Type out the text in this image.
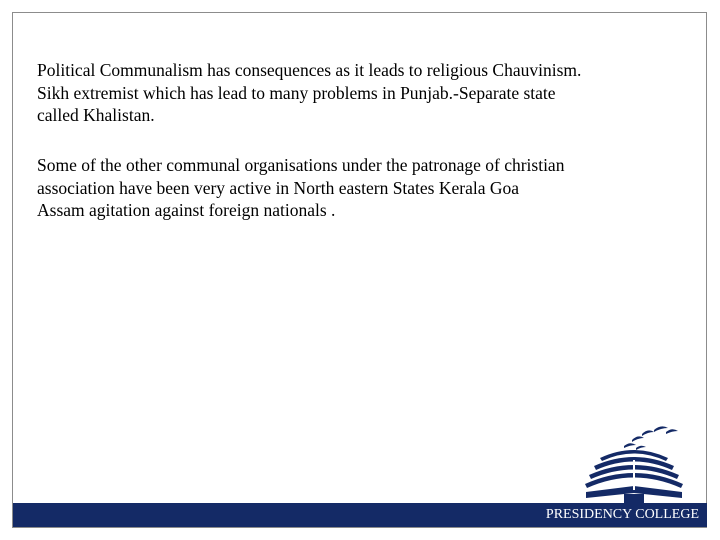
Political Communalism has consequences as it leads to religious Chauvinism.
Sikh extremist which has lead to many problems in Punjab.-Separate state
called Khalistan.

Some of the other communal organisations under the patronage of christian
association have been very active in North eastern States Kerala Goa
Assam agitation against foreign nationals .

PRESIDENCY COLLEGE
